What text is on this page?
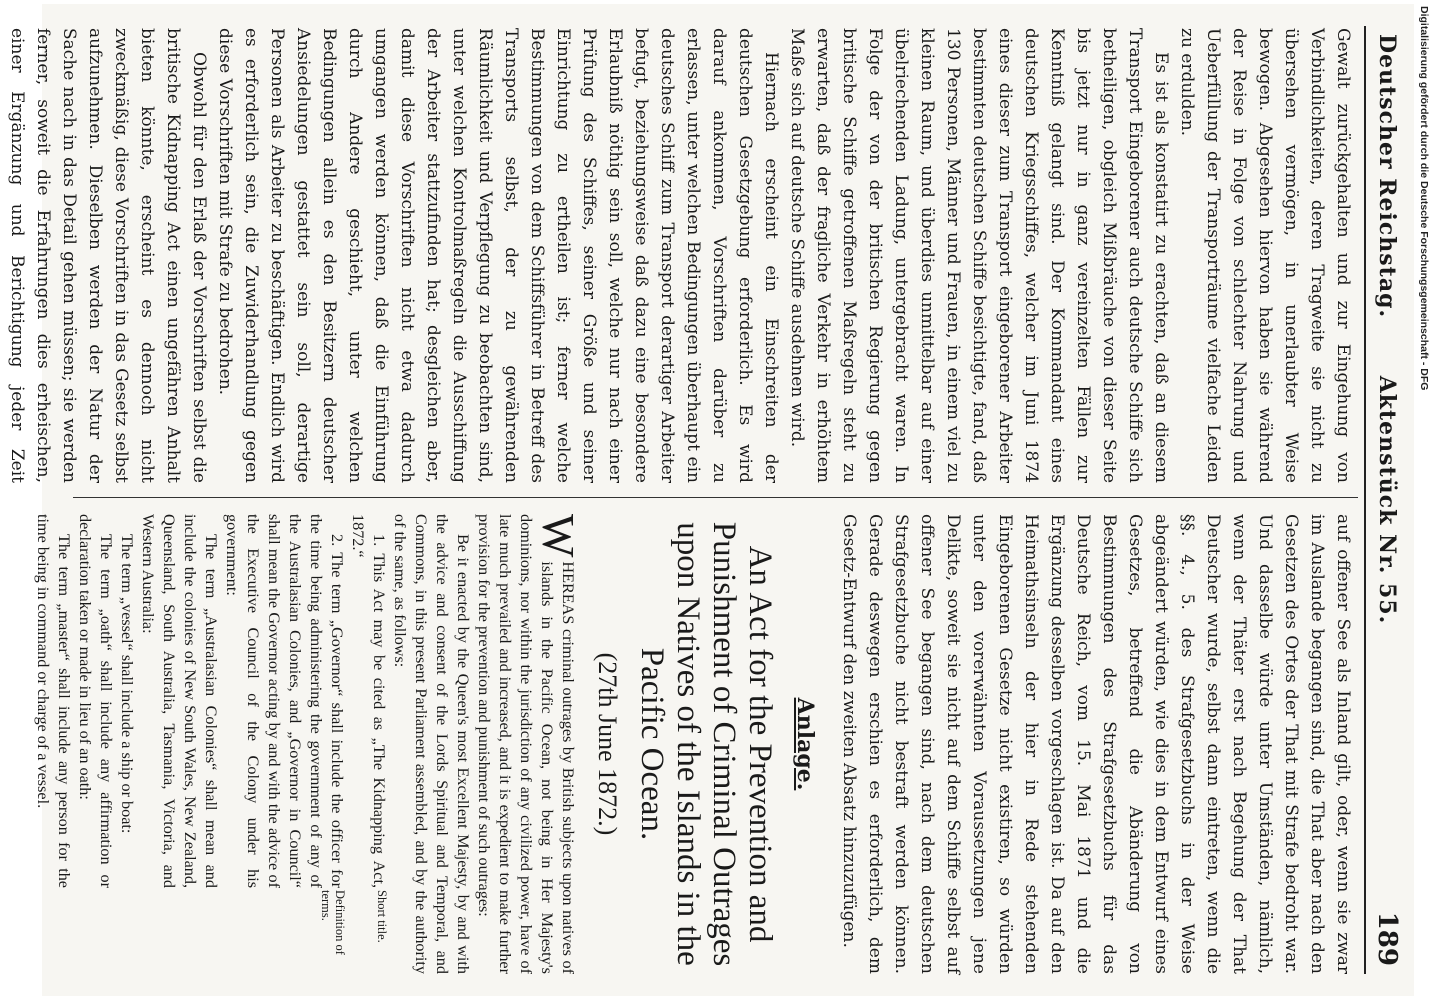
Deutscher Reichstag.
Aktenstück Nr. 55.
189

Gewalt zurückgehalten und zur Eingehung von Verbindlichkeiten, deren Tragweite sie nicht zu übersehen vermögen, in unerlaubter Weise bewogen. Abgesehen hiervon haben sie während der Reise in Folge von schlechter Nahrung und Ueberfüllung der Transporträume vielfache Leiden zu erdulden.

Es ist als konstatirt zu erachten, daß an diesem Transport Eingeborener auch deutsche Schiffe sich betheiligen, obgleich Mißbräuche von dieser Seite bis jetzt nur in ganz vereinzelten Fällen zur Kenntniß gelangt sind. Der Kommandant eines deutschen Kriegsschiffes, welcher im Juni 1874 eines dieser zum Transport eingeborener Arbeiter bestimmten deutschen Schiffe besichtigte, fand, daß 130 Personen, Männer und Frauen, in einem viel zu kleinen Raum, und überdies unmittelbar auf einer übelriechenden Ladung, untergebracht waren. In Folge der von der britischen Regierung gegen britische Schiffe getroffenen Maßregeln steht zu erwarten, daß der fragliche Verkehr in erhöhtem Maße sich auf deutsche Schiffe ausdehnen wird.

Hiernach erscheint ein Einschreiten der deutschen Gesetzgebung erforderlich. Es wird darauf ankommen, Vorschriften darüber zu erlassen, unter welchen Bedingungen überhaupt ein deutsches Schiff zum Transport derartiger Arbeiter befugt, beziehungsweise daß dazu eine besondere Erlaubniß nöthig sein soll, welche nur nach einer Prüfung des Schiffes, seiner Größe und seiner Einrichtung zu ertheilen ist; ferner welche Bestimmungen von dem Schiffsführer in Betreff des Transports selbst, der zu gewährenden Räumlichkeit und Verpflegung zu beobachten sind, unter welchen Kontrolmaßregeln die Ausschiffung der Arbeiter stattzufinden hat; desgleichen aber, damit diese Vorschriften nicht etwa dadurch umgangen werden können, daß die Einführung durch Andere geschieht, unter welchen Bedingungen allein es den Besitzern deutscher Ansiedelungen gestattet sein soll, derartige Personen als Arbeiter zu beschäftigen. Endlich wird es erforderlich sein, die Zuwiderhandlung gegen diese Vorschriften mit Strafe zu bedrohen.

Obwohl für den Erlaß der Vorschriften selbst die britische Kidnapping Act einen ungefähren Anhalt bieten könnte, erscheint es dennoch nicht zweckmäßig, diese Vorschriften in das Gesetz selbst aufzunehmen. Dieselben werden der Natur der Sache nach in das Detail gehen müssen; sie werden ferner, soweit die Erfahrungen dies erheischen, einer Ergänzung und Berichtigung jeder Zeit

auf offener See als Inland gilt, oder, wenn sie zwar im Auslande begangen sind, die That aber nach den Gesetzen des Ortes der That mit Strafe bedroht war. Und dasselbe würde unter Umständen, nämlich, wenn der Thäter erst nach Begehung der That Deutscher wurde, selbst dann eintreten, wenn die §§. 4., 5. des Strafgesetzbuchs in der Weise abgeändert würden, wie dies in dem Entwurf eines Gesetzes, betreffend die Abänderung von Bestimmungen des Strafgesetzbuchs für das Deutsche Reich, vom 15. Mai 1871 und die Ergänzung desselben vorgeschlagen ist. Da auf den Heimathsinseln der hier in Rede stehenden Eingeborenen Gesetze nicht existiren, so würden unter den vorerwähnten Voraussetzungen jene Delikte, soweit sie nicht auf dem Schiffe selbst auf offener See begangen sind, nach dem deutschen Strafgesetzbuche nicht bestraft werden können. Gerade deswegen erschien es erforderlich, dem Gesetz-Entwurf den zweiten Absatz hinzuzufügen.

Anlage.
An Act for the Prevention and Punishment of Criminal Outrages upon Natives of the Islands in the Pacific Ocean.
(27th June 1872.)

W
HEREAS criminal outrages by British subjects upon natives of islands in the Pacific Ocean, not being in Her Majesty's dominions, nor within the jurisdiction of any civilized power, have of late much prevailed and increased, and it is expedient to make further provision for the prevention and punishment of such outrages:

Be it enacted by the Queen's most Excellent Majesty, by and with the advice and consent of the Lords Spiritual and Temporal, and Commons, in this present Parliament assembled, and by the authority of the same, as follows:

1. This Act may be cited as „The Kidnapping Act, 1872.“

Short title.

2. The term „Governor“ shall include the officer for the time being administering the government of any of the Australasian Colonies, and „Governor in Council“ shall mean the Governor acting by and with the advice of the Executive Council of the Colony under his government:

Definition of terms.

The term „Australasian Colonies“ shall mean and include the colonies of New South Wales, New Zealand, Queensland, South Australia, Tasmania, Victoria, and Western Australia:

The term „vessel“ shall include a ship or boat:

The term „oath“ shall include any affirmation or declaration taken or made in lieu of an oath:

The term „master“ shall include any person for the time being in command or charge of a vessel.

Digitalisierung gefördert durch die Deutsche Forschungsgemeinschaft - DFG
